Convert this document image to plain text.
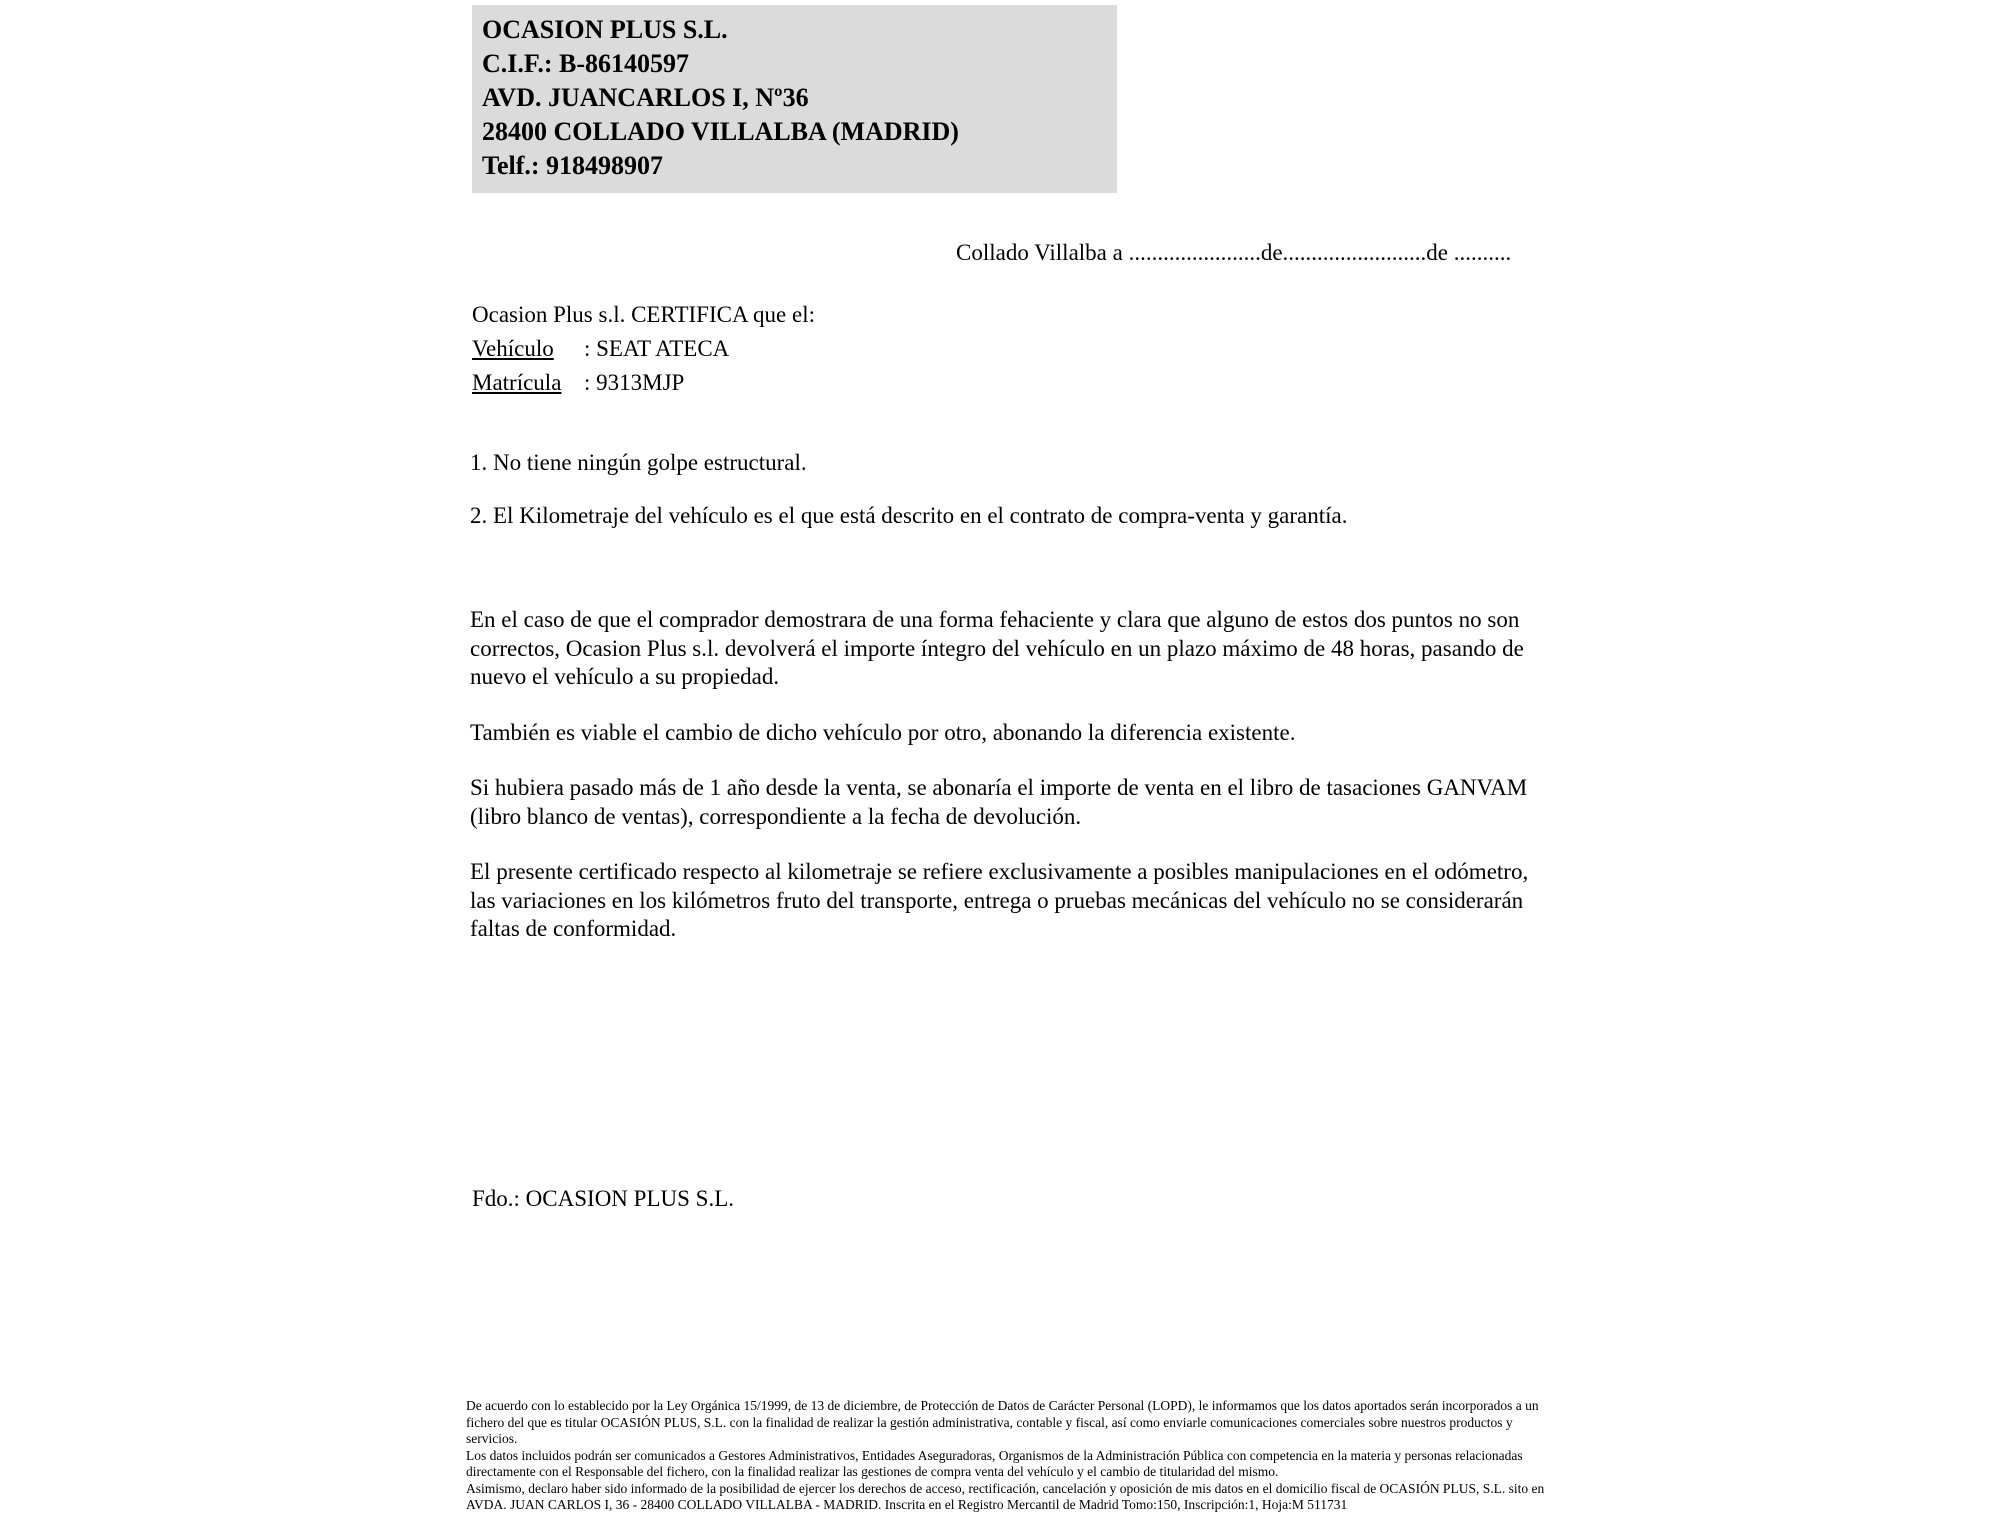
OCASION PLUS S.L.
C.I.F.: B-86140597
AVD. JUANCARLOS I, Nº36
28400 COLLADO VILLALBA (MADRID)
Telf.: 918498907
Collado Villalba a .......................de.........................de ..........
Ocasion Plus s.l. CERTIFICA que el:
Vehículo : SEAT ATECA
Matrícula : 9313MJP
1. No tiene ningún golpe estructural.
2. El Kilometraje del vehículo es el que está descrito en el contrato de compra-venta y garantía.

En el caso de que el comprador demostrara de una forma fehaciente y clara que alguno de estos dos puntos no son correctos, Ocasion Plus s.l. devolverá el importe íntegro del vehículo en un plazo máximo de 48 horas, pasando de nuevo el vehículo a su propiedad.

También es viable el cambio de dicho vehículo por otro, abonando la diferencia existente.

Si hubiera pasado más de 1 año desde la venta, se abonaría el importe de venta en el libro de tasaciones GANVAM (libro blanco de ventas), correspondiente a la fecha de devolución.

El presente certificado respecto al kilometraje se refiere exclusivamente a posibles manipulaciones en el odómetro, las variaciones en los kilómetros fruto del transporte, entrega o pruebas mecánicas del vehículo no se considerarán faltas de conformidad.

Fdo.: OCASION PLUS S.L.

De acuerdo con lo establecido por la Ley Orgánica 15/1999, de 13 de diciembre, de Protección de Datos de Carácter Personal (LOPD), le informamos que los datos aportados serán incorporados a un fichero del que es titular OCASIÓN PLUS, S.L. con la finalidad de realizar la gestión administrativa, contable y fiscal, así como enviarle comunicaciones comerciales sobre nuestros productos y servicios.

Los datos incluidos podrán ser comunicados a Gestores Administrativos, Entidades Aseguradoras, Organismos de la Administración Pública con competencia en la materia y personas relacionadas directamente con el Responsable del fichero, con la finalidad realizar las gestiones de compra venta del vehículo y el cambio de titularidad del mismo.

Asimismo, declaro haber sido informado de la posibilidad de ejercer los derechos de acceso, rectificación, cancelación y oposición de mis datos en el domicilio fiscal de OCASIÓN PLUS, S.L. sito en AVDA. JUAN CARLOS I, 36 - 28400 COLLADO VILLALBA - MADRID. Inscrita en el Registro Mercantil de Madrid Tomo:150, Inscripción:1, Hoja:M 511731
